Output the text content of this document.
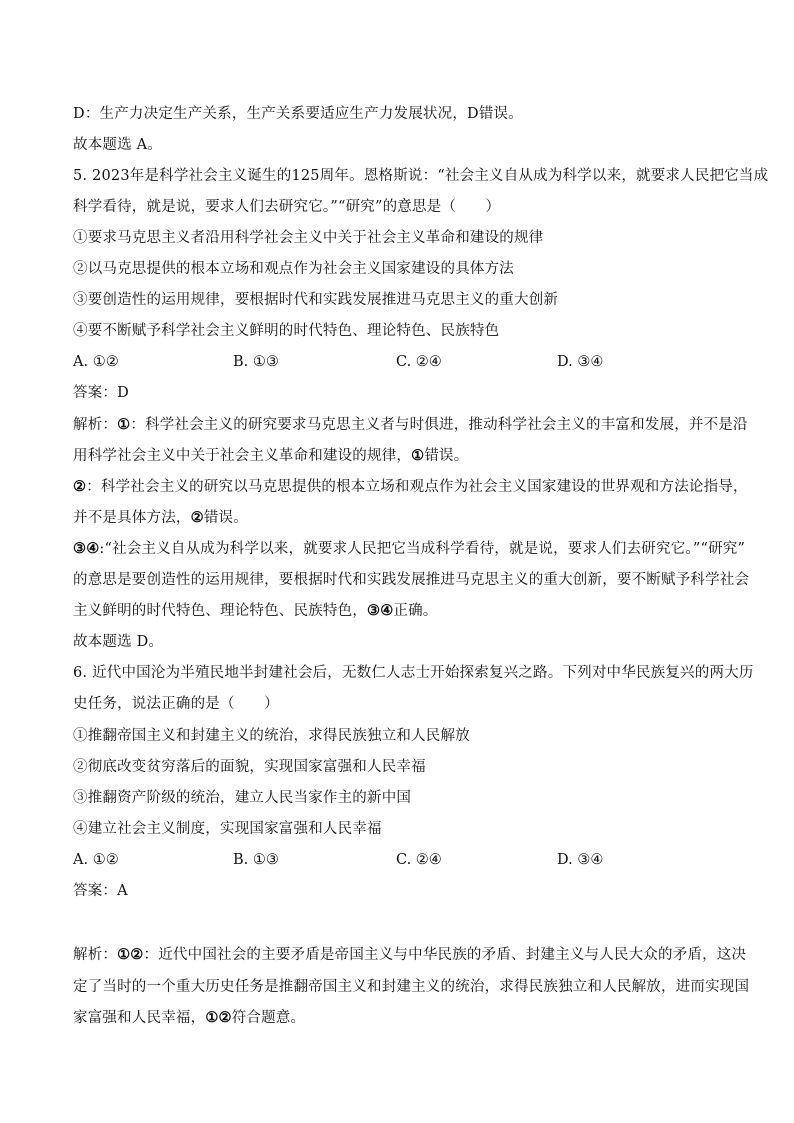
D：生产力决定生产关系，生产关系要适应生产力发展状况，D错误。
故本题选 A。
5. 2023年是科学社会主义诞生的125周年。恩格斯说：“社会主义自从成为科学以来，就要求人民把它当成
科学看待，就是说，要求人们去研究它。”“研究”的意思是（　　）
①要求马克思主义者沿用科学社会主义中关于社会主义革命和建设的规律
②以马克思提供的根本立场和观点作为社会主义国家建设的具体方法
③要创造性的运用规律，要根据时代和实践发展推进马克思主义的重大创新
④要不断赋予科学社会主义鲜明的时代特色、理论特色、民族特色
A. ①②	B. ①③	C. ②④	D. ③④
答案：D
解析：①：科学社会主义的研究要求马克思主义者与时俱进，推动科学社会主义的丰富和发展，并不是沿
用科学社会主义中关于社会主义革命和建设的规律，①错误。
②：科学社会主义的研究以马克思提供的根本立场和观点作为社会主义国家建设的世界观和方法论指导，
并不是具体方法，②错误。
③④:“社会主义自从成为科学以来，就要求人民把它当成科学看待，就是说，要求人们去研究它。”“研究”
的意思是要创造性的运用规律，要根据时代和实践发展推进马克思主义的重大创新，要不断赋予科学社会
主义鲜明的时代特色、理论特色、民族特色，③④正确。
故本题选 D。
6. 近代中国沦为半殖民地半封建社会后，无数仁人志士开始探索复兴之路。下列对中华民族复兴的两大历
史任务，说法正确的是（　　）
①推翻帝国主义和封建主义的统治，求得民族独立和人民解放
②彻底改变贫穷落后的面貌，实现国家富强和人民幸福
③推翻资产阶级的统治，建立人民当家作主的新中国
④建立社会主义制度，实现国家富强和人民幸福
A. ①②	B. ①③	C. ②④	D. ③④
答案：A
解析：①②：近代中国社会的主要矛盾是帝国主义与中华民族的矛盾、封建主义与人民大众的矛盾，这决
定了当时的一个重大历史任务是推翻帝国主义和封建主义的统治，求得民族独立和人民解放，进而实现国
家富强和人民幸福，①②符合题意。
